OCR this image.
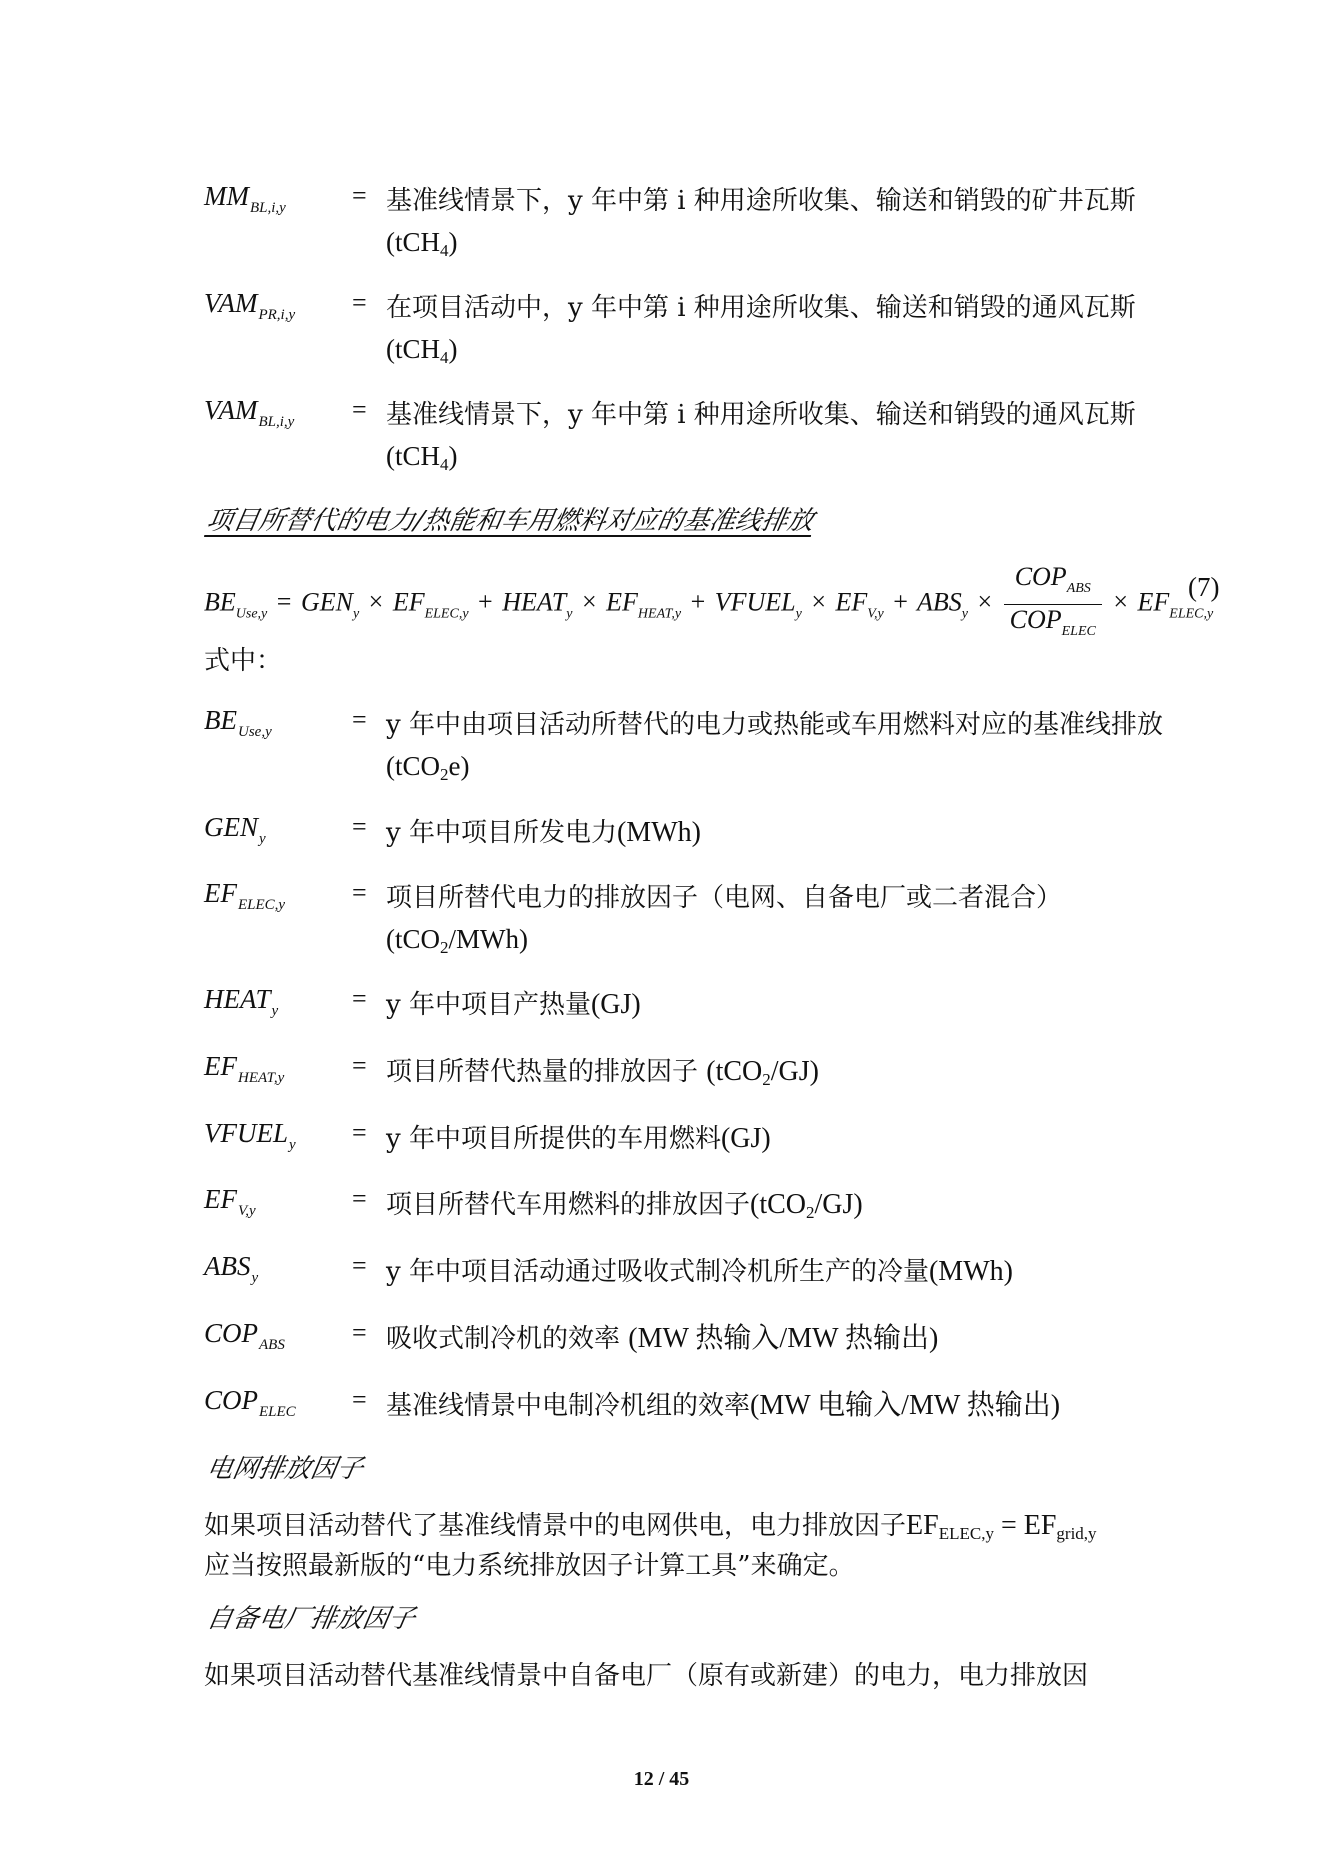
$MM_{BL,i,y}$	= 基准线情景下，y 年中第 i 种用途所收集、输送和销毁的矿井瓦斯
(tCH$_4$)
$VAM_{PR,i,y}$ = 在项目活动中，y 年中第 i 种用途所收集、输送和销毁的通风瓦斯
(tCH$_4$)
$VAM_{BL,i,y}$ = 基准线情景下，y 年中第 i 种用途所收集、输送和销毁的通风瓦斯
(tCH$_4$)
项目所替代的电力/热能和车用燃料对应的基准线排放
$BE_{Use,y} = GEN_y \times EF_{ELEC,y}$ + $HEAT_y \times EF_{HEAT,y}$ + $VFUEL_y \times EF_{V,y} + ABS_y \times \frac{COP_{ABS}}{COP_{ELEC}} \times EF_{ELEC,y}$
(7)
式中：
$BE_{Use,y}$	= y 年中由项目活动所替代的电力或热能或车用燃料对应的基准线排放
(tCO$_2$e)
$GEN_y$	= y 年中项目所发电力(MWh)
$EF_{ELEC,y}$	= 项目所替代电力的排放因子（电网、自备电厂或二者混合）
(tCO$_2$/MWh)
$HEAT_y$	= y 年中项目产热量(GJ)
$EF_{HEAT,y}$	= 项目所替代热量的排放因子 (tCO$_2$/GJ)
$VFUEL_y = y$ 年中项目所提供的车用燃料(GJ)
$EF_{V,y}$	= 项目所替代车用燃料的排放因子(tCO$_2$/GJ)
$ABS_y$	= y 年中项目活动通过吸收式制冷机所生产的冷量(MWh)
$COP_{ABS}$	= 吸收式制冷机的效率 (MW 热输入/MW 热输出)
$COP_{ELEC}$ = 基准线情景中电制冷机组的效率(MW 电输入/MW 热输出)
电网排放因子
如果项目活动替代了基准线情景中的电网供电，电力排放因子$EF_{ELEC,y} = EF_{grid,y}$
应当按照最新版的“电力系统排放因子计算工具”来确定。
自备电厂排放因子
如果项目活动替代基准线情景中自备电厂（原有或新建）的电力，电力排放因
12 / 45
